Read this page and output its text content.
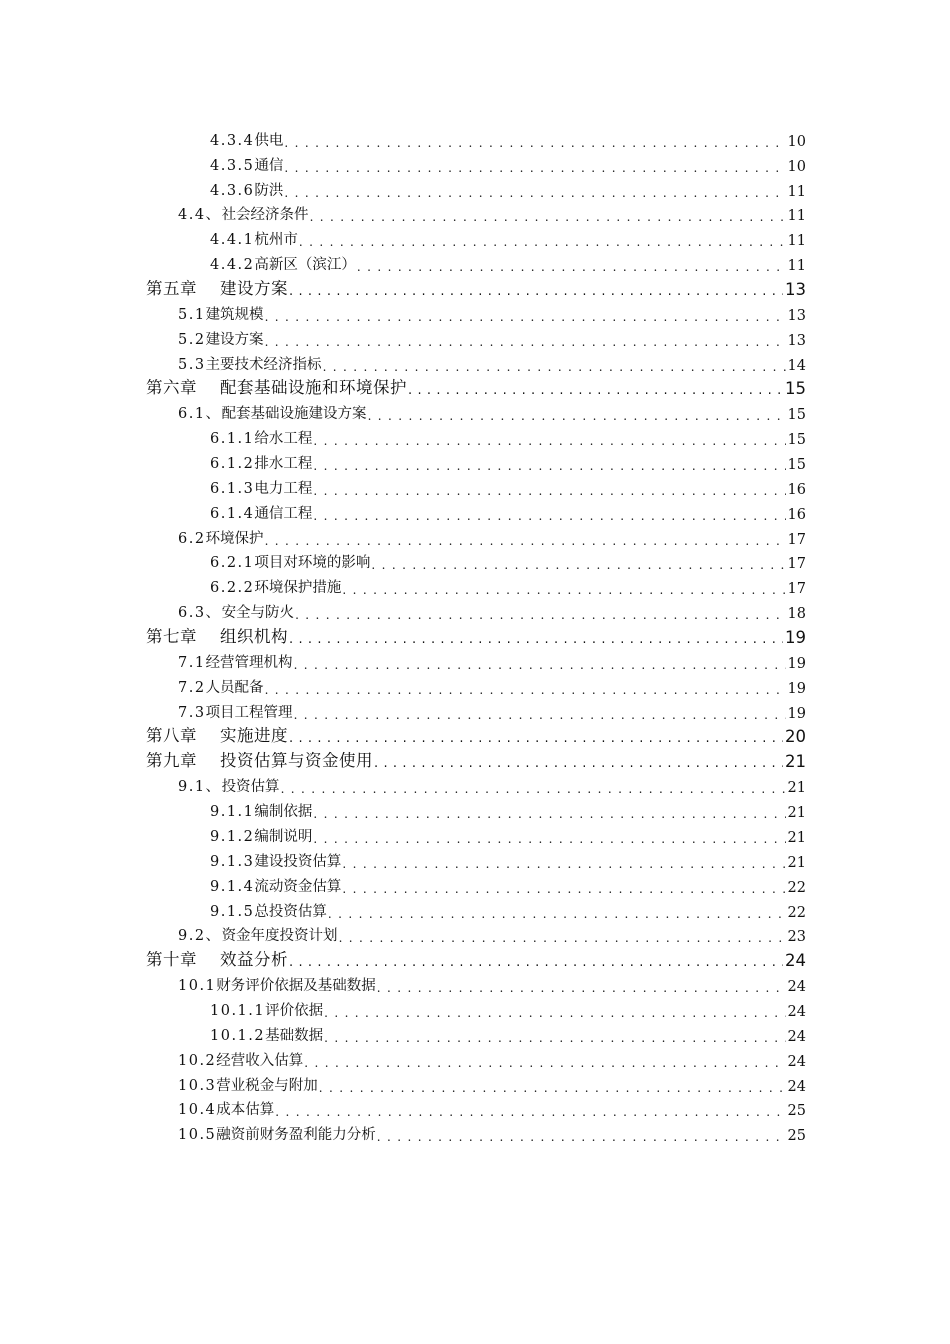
4.3.4供电 . . .	10
4.3.5通信 . . .	10
4.3.6防洪 . . .	11
4.4、社会经济条件 . . .	11
4.4.1杭州市 . . .	11
4.4.2高新区（滨江） . . .	11
第五章 建设方案 . . .	13
5.1建筑规模 . . .	13
5.2建设方案 . . .	13
5.3主要技术经济指标 . . .	14
第六章 配套基础设施和环境保护 . . .	15
6.1、配套基础设施建设方案 . . .	15
6.1.1给水工程 . . .	15
6.1.2排水工程 . . .	15
6.1.3电力工程 . . .	16
6.1.4通信工程 . . .	16
6.2环境保护 . . .	17
6.2.1项目对环境的影响 . . .	17
6.2.2环境保护措施 . . .	17
6.3、安全与防火 . . .	18
第七章 组织机构 . . .	19
7.1经营管理机构 . . .	19
7.2人员配备 . . .	19
7.3项目工程管理 . . .	19
第八章 实施进度 . . .	20
第九章 投资估算与资金使用 . . .	21
9.1、投资估算 . . .	21
9.1.1编制依据 . . .	21
9.1.2编制说明 . . .	21
9.1.3建设投资估算 . . .	21
9.1.4流动资金估算 . . .	22
9.1.5总投资估算 . . .	22
9.2、资金年度投资计划 . . .	23
第十章 效益分析 . . .	24
10.1财务评价依据及基础数据 . . .	24
10.1.1评价依据 . . .	24
10.1.2基础数据 . . .	24
10.2经营收入估算 . . .	24
10.3营业税金与附加 . . .	24
10.4成本估算 . . .	25
10.5融资前财务盈利能力分析 . . .	25
